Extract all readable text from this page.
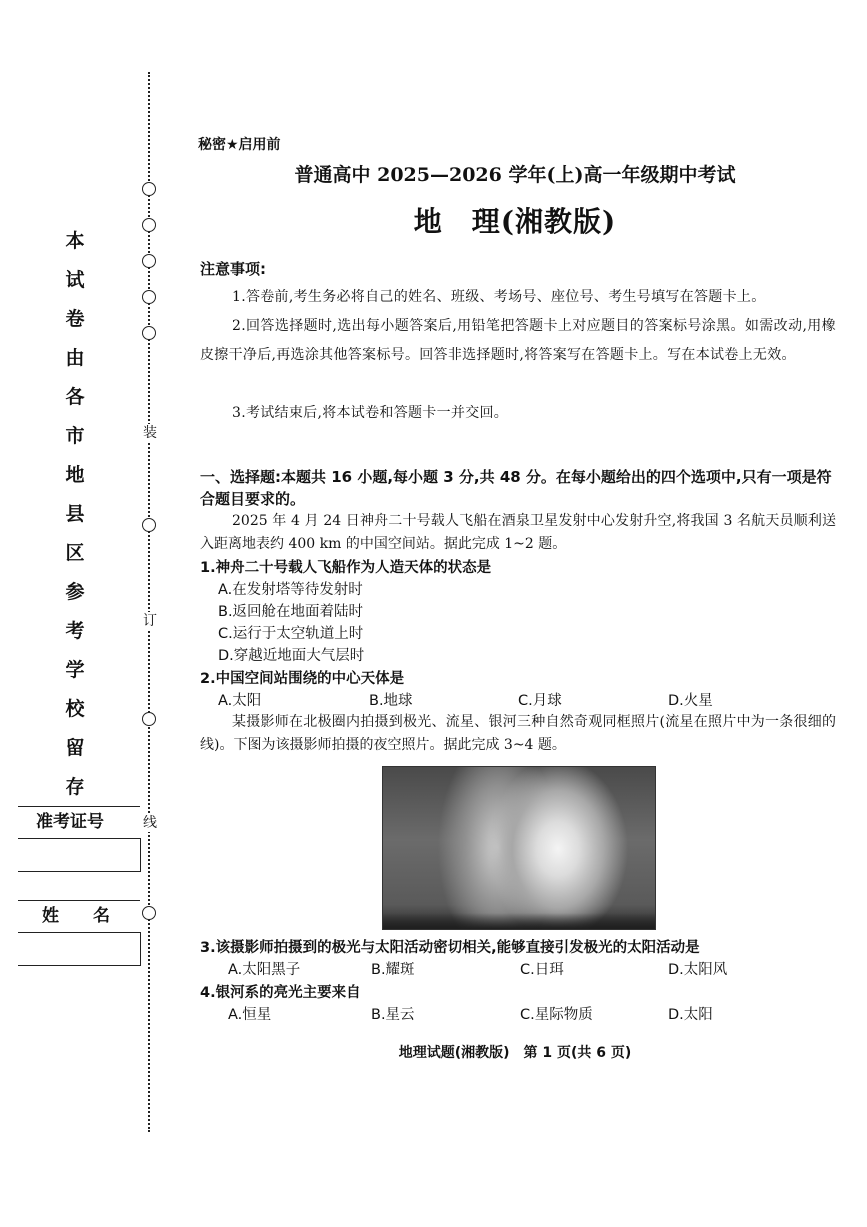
装
订
线
本
试
卷
由
各
市
地
县
区
参
考
学
校
留
存
准考证号
姓　　名
秘密★启用前
普通高中 2025—2026 学年(上)高一年级期中考试
地　理(湘教版)
注意事项:
1.答卷前,考生务必将自己的姓名、班级、考场号、座位号、考生号填写在答题卡上。
2.回答选择题时,选出每小题答案后,用铅笔把答题卡上对应题目的答案标号涂黑。如需改动,用橡皮擦干净后,再选涂其他答案标号。回答非选择题时,将答案写在答题卡上。写在本试卷上无效。
3.考试结束后,将本试卷和答题卡一并交回。
一、选择题:本题共 16 小题,每小题 3 分,共 48 分。在每小题给出的四个选项中,只有一项是符合题目要求的。
2025 年 4 月 24 日神舟二十号载人飞船在酒泉卫星发射中心发射升空,将我国 3 名航天员顺利送入距离地表约 400 km 的中国空间站。据此完成 1~2 题。
1.神舟二十号载人飞船作为人造天体的状态是
A.在发射塔等待发射时
B.返回舱在地面着陆时
C.运行于太空轨道上时
D.穿越近地面大气层时
2.中国空间站围绕的中心天体是
A.太阳	B.地球	C.月球	D.火星
某摄影师在北极圈内拍摄到极光、流星、银河三种自然奇观同框照片(流星在照片中为一条很细的线)。下图为该摄影师拍摄的夜空照片。据此完成 3~4 题。
3.该摄影师拍摄到的极光与太阳活动密切相关,能够直接引发极光的太阳活动是
A.太阳黑子	B.耀斑	C.日珥	D.太阳风
4.银河系的亮光主要来自
A.恒星	B.星云	C.星际物质	D.太阳
地理试题(湘教版)　第 1 页(共 6 页)
